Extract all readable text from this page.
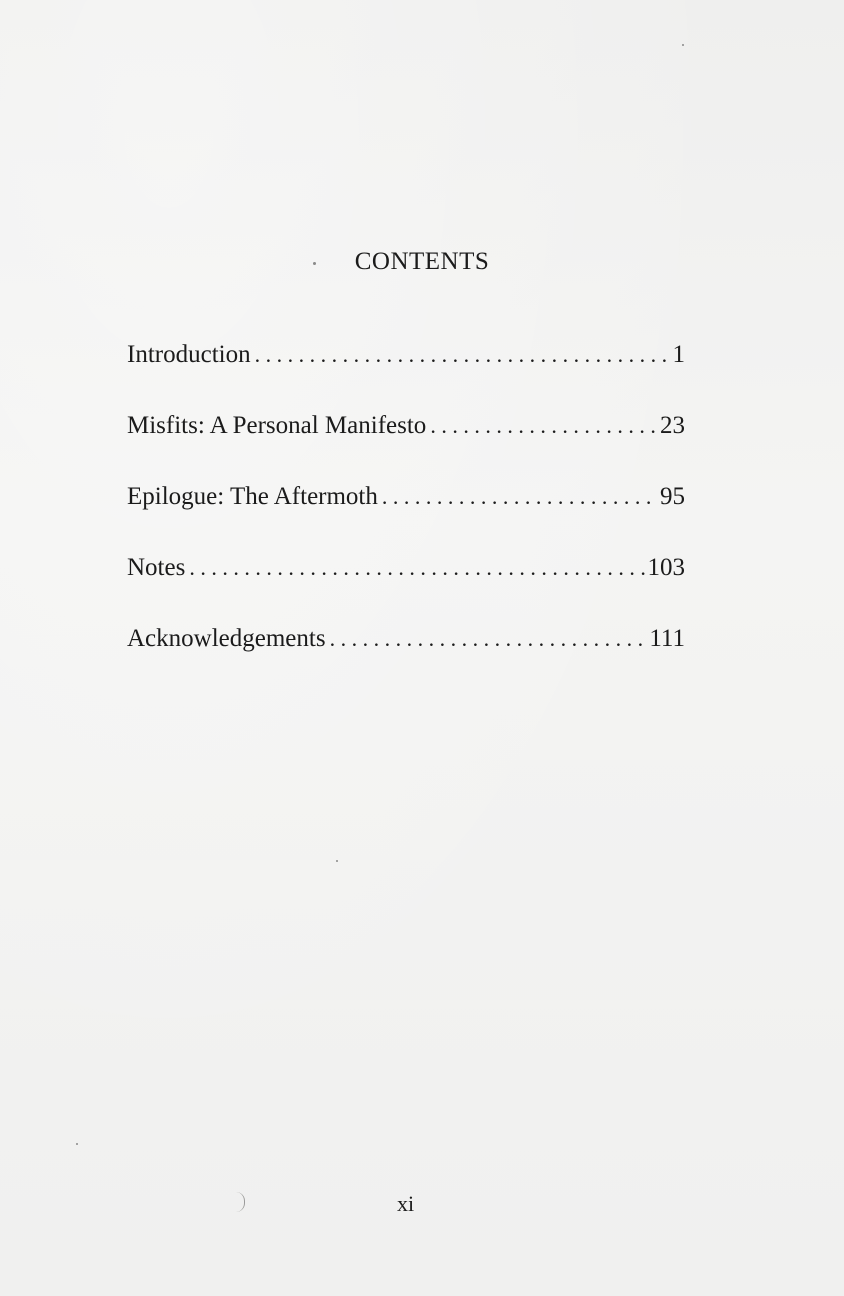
CONTENTS
Introduction . . .	1
Misfits: A Personal Manifesto . . .	23
Epilogue: The Aftermoth . . .	95
Notes . . .	103
Acknowledgements . . .	111
xi
